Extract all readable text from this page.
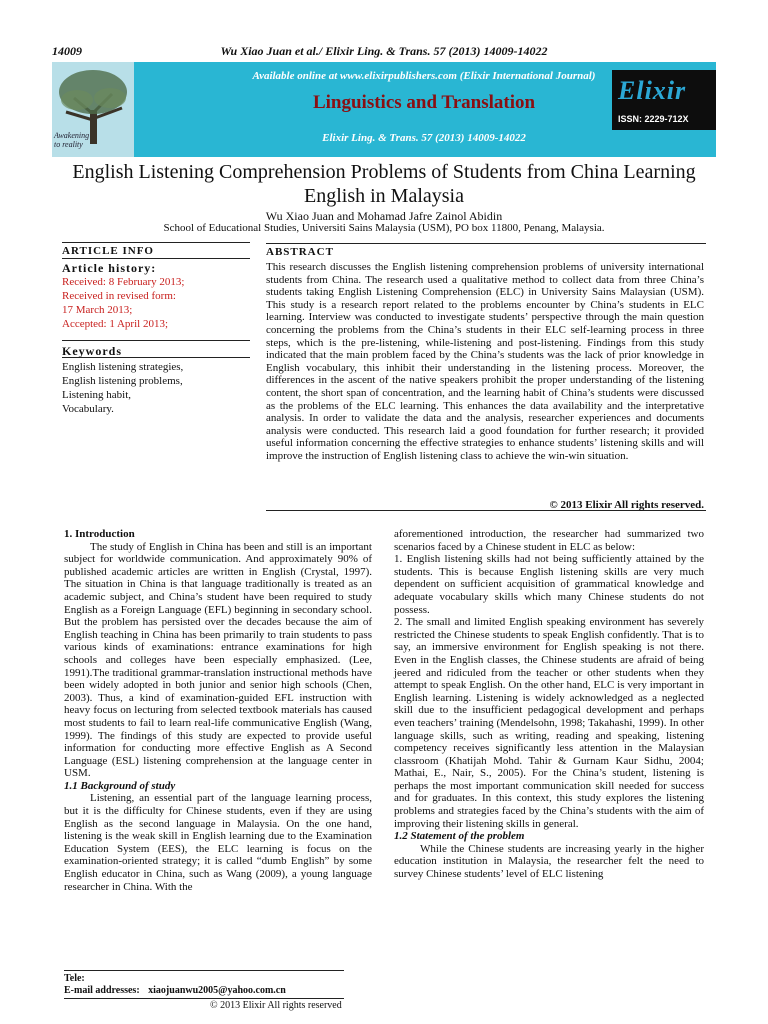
14009	Wu Xiao Juan et al./ Elixir Ling. & Trans. 57 (2013) 14009-14022
Awakening
to reality
Available online at www.elixirpublishers.com (Elixir International Journal)
Linguistics and Translation
Elixir Ling. & Trans. 57 (2013) 14009-14022
Elixir
ISSN: 2229-712X
English Listening Comprehension Problems of Students from China Learning English in Malaysia
Wu Xiao Juan and Mohamad Jafre Zainol Abidin
School of Educational Studies, Universiti Sains Malaysia (USM), PO box 11800, Penang, Malaysia.
ARTICLE INFO
Article history:
Received: 8 February 2013;
Received in revised form:
17 March 2013;
Accepted: 1 April 2013;
Keywords
English listening strategies,
English listening problems,
Listening habit,
Vocabulary.
ABSTRACT
This research discusses the English listening comprehension problems of university international students from China. The research used a qualitative method to collect data from three China’s students taking English Listening Comprehension (ELC) in University Sains Malaysian (USM). This study is a research report related to the problems encounter by China’s students in ELC learning. Interview was conducted to investigate students’ perspective through the main question concerning the problems from the China’s students in their ELC self-learning process in three steps, which is the pre-listening, while-listening and post-listening. Findings from this study indicated that the main problem faced by the China’s students was the lack of prior knowledge in English vocabulary, this inhibit their understanding in the listening process. Moreover, the differences in the ascent of the native speakers prohibit the proper understanding of the listening content, the short span of concentration, and the learning habit of China’s students were discussed as the problems of the ELC learning. This enhances the data availability and the interpretative analysis. In order to validate the data and the analysis, researcher experiences and documents analysis were conducted. This research laid a good foundation for further research; it provided useful information concerning the effective strategies to enhance students’ listening skills and will improve the instruction of English listening class to achieve the win-win situation.
© 2013 Elixir All rights reserved.
1. Introduction
The study of English in China has been and still is an important subject for worldwide communication. And approximately 90% of published academic articles are written in English (Crystal, 1997). The situation in China is that language traditionally is treated as an academic subject, and China’s student have been required to study English as a Foreign Language (EFL) beginning in secondary school. But the problem has persisted over the decades because the aim of English teaching in China has been primarily to train students to pass various kinds of examinations: entrance examinations for high schools and colleges have been especially emphasized. (Lee, 1991).The traditional grammar-translation instructional methods have been widely adopted in both junior and senior high schools (Chen, 2003). Thus, a kind of examination-guided EFL instruction with heavy focus on lecturing from selected textbook materials has caused most students to fail to learn real-life communicative English (Wang, 1999). The findings of this study are expected to provide useful information for conducting more effective English as A Second Language (ESL) listening comprehension at the language center in USM.
1.1 Background of study
Listening, an essential part of the language learning process, but it is the difficulty for Chinese students, even if they are using English as the second language in Malaysia. On the one hand, listening is the weak skill in English learning due to the Examination Education System (EES), the ELC learning is focus on the examination-oriented strategy; it is called “dumb English” by some English educator in China, such as Wang (2009), a young language researcher in China. With the
aforementioned introduction, the researcher had summarized two scenarios faced by a Chinese student in ELC as below:
1. English listening skills had not being sufficiently attained by the students. This is because English listening skills are very much dependent on sufficient acquisition of grammatical knowledge and adequate vocabulary skills which many Chinese students do not possess.
2. The small and limited English speaking environment has severely restricted the Chinese students to speak English confidently. That is to say, an immersive environment for English speaking is not there. Even in the English classes, the Chinese students are afraid of being jeered and ridiculed from the teacher or other students when they attempt to speak English. On the other hand, ELC is very important in English learning. Listening is widely acknowledged as a neglected skill due to the insufficient pedagogical development and perhaps even teachers’ training (Mendelsohn, 1998; Takahashi, 1999). In other language skills, such as writing, reading and speaking, listening competency receives significantly less attention in the Malaysian classroom (Khatijah Mohd. Tahir & Gurnam Kaur Sidhu, 2004; Mathai, E., Nair, S., 2005). For the China’s student, listening is perhaps the most important communication skill needed for success and for graduates. In this context, this study explores the listening problems and strategies faced by the China’s students with the aim of improving their listening skills in general.
1.2 Statement of the problem
While the Chinese students are increasing yearly in the higher education institution in Malaysia, the researcher felt the need to survey Chinese students’ level of ELC listening
Tele:
E-mail addresses: xiaojuanwu2005@yahoo.com.cn
© 2013 Elixir All rights reserved
